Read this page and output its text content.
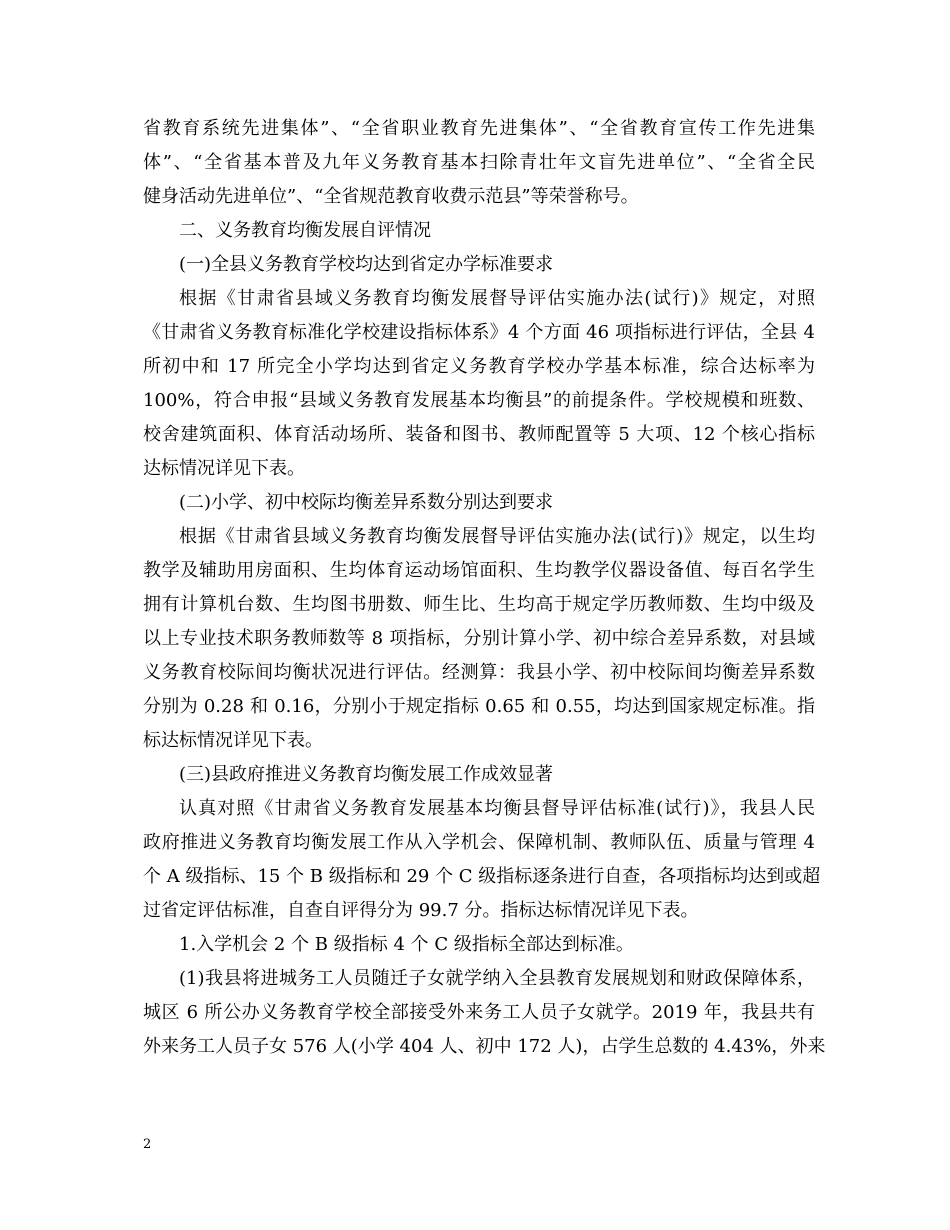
省教育系统先进集体”、“全省职业教育先进集体”、“全省教育宣传工作先进集
体”、“全省基本普及九年义务教育基本扫除青壮年文盲先进单位”、“全省全民
健身活动先进单位”、“全省规范教育收费示范县”等荣誉称号。
二、义务教育均衡发展自评情况
(一)全县义务教育学校均达到省定办学标准要求
根据《甘肃省县域义务教育均衡发展督导评估实施办法(试行)》规定，对照
《甘肃省义务教育标准化学校建设指标体系》4 个方面 46 项指标进行评估，全县 4
所初中和 17 所完全小学均达到省定义务教育学校办学基本标准，综合达标率为
100%，符合申报“县域义务教育发展基本均衡县”的前提条件。学校规模和班数、
校舍建筑面积、体育活动场所、装备和图书、教师配置等 5 大项、12 个核心指标
达标情况详见下表。
(二)小学、初中校际均衡差异系数分别达到要求
根据《甘肃省县域义务教育均衡发展督导评估实施办法(试行)》规定，以生均
教学及辅助用房面积、生均体育运动场馆面积、生均教学仪器设备值、每百名学生
拥有计算机台数、生均图书册数、师生比、生均高于规定学历教师数、生均中级及
以上专业技术职务教师数等 8 项指标，分别计算小学、初中综合差异系数，对县域
义务教育校际间均衡状况进行评估。经测算：我县小学、初中校际间均衡差异系数
分别为 0.28 和 0.16，分别小于规定指标 0.65 和 0.55，均达到国家规定标准。指
标达标情况详见下表。
(三)县政府推进义务教育均衡发展工作成效显著
认真对照《甘肃省义务教育发展基本均衡县督导评估标准(试行)》，我县人民
政府推进义务教育均衡发展工作从入学机会、保障机制、教师队伍、质量与管理 4
个 A 级指标、15 个 B 级指标和 29 个 C 级指标逐条进行自查，各项指标均达到或超
过省定评估标准，自查自评得分为 99.7 分。指标达标情况详见下表。
1.入学机会 2 个 B 级指标 4 个 C 级指标全部达到标准。
(1)我县将进城务工人员随迁子女就学纳入全县教育发展规划和财政保障体系，
城区 6 所公办义务教育学校全部接受外来务工人员子女就学。2019 年，我县共有
外来务工人员子女 576 人(小学 404 人、初中 172 人)，占学生总数的 4.43%，外来
2
